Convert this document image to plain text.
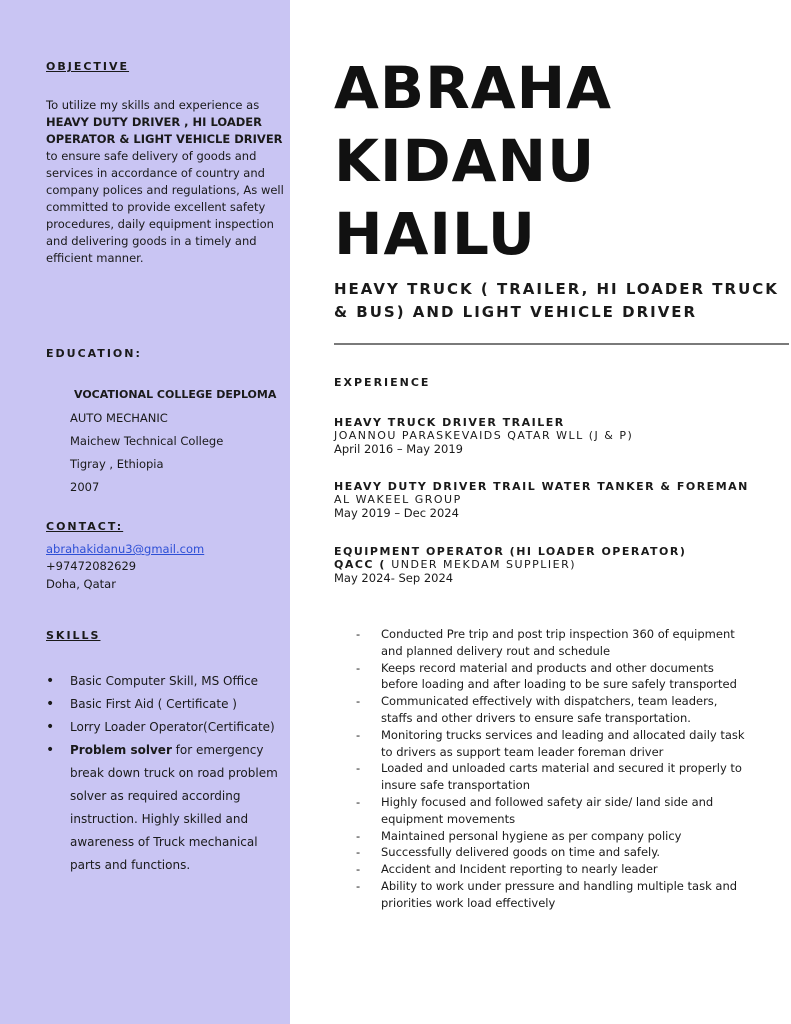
OBJECTIVE
To utilize my skills and experience as HEAVY DUTY DRIVER , HI LOADER OPERATOR & LIGHT VEHICLE DRIVER to ensure safe delivery of goods and services in accordance of country and company polices and regulations, As well committed to provide excellent safety procedures, daily equipment inspection and delivering goods in a timely and efficient manner.
EDUCATION:
VOCATIONAL COLLEGE DEPLOMA
AUTO MECHANIC
Maichew Technical College
Tigray , Ethiopia
2007
CONTACT:
abrahakidanu3@gmail.com
+97472082629
Doha, Qatar
SKILLS
• Basic Computer Skill, MS Office
• Basic First Aid ( Certificate )
• Lorry Loader Operator(Certificate)
• Problem solver for emergency break down truck on road problem solver as required according instruction. Highly skilled and awareness of Truck mechanical parts and functions.
ABRAHA
KIDANU
HAILU
HEAVY TRUCK ( TRAILER, HI LOADER TRUCK
& BUS) AND LIGHT VEHICLE DRIVER
EXPERIENCE
HEAVY TRUCK DRIVER TRAILER
JOANNOU PARASKEVAIDS QATAR WLL (J & P)
April 2016 – May 2019
HEAVY DUTY DRIVER TRAIL WATER TANKER & FOREMAN
AL WAKEEL GROUP
May 2019 – Dec 2024
EQUIPMENT OPERATOR (HI LOADER OPERATOR)
QACC ( UNDER MEKDAM SUPPLIER)
May 2024- Sep 2024
- Conducted Pre trip and post trip inspection 360 of equipment and planned delivery rout and schedule
- Keeps record material and products and other documents before loading and after loading to be sure safely transported
- Communicated effectively with dispatchers, team leaders, staffs and other drivers to ensure safe transportation.
- Monitoring trucks services and leading and allocated daily task to drivers as support team leader foreman driver
- Loaded and unloaded carts material and secured it properly to insure safe transportation
- Highly focused and followed safety air side/ land side and equipment movements
- Maintained personal hygiene as per company policy
- Successfully delivered goods on time and safely.
- Accident and Incident reporting to nearly leader
- Ability to work under pressure and handling multiple task and priorities work load effectively
